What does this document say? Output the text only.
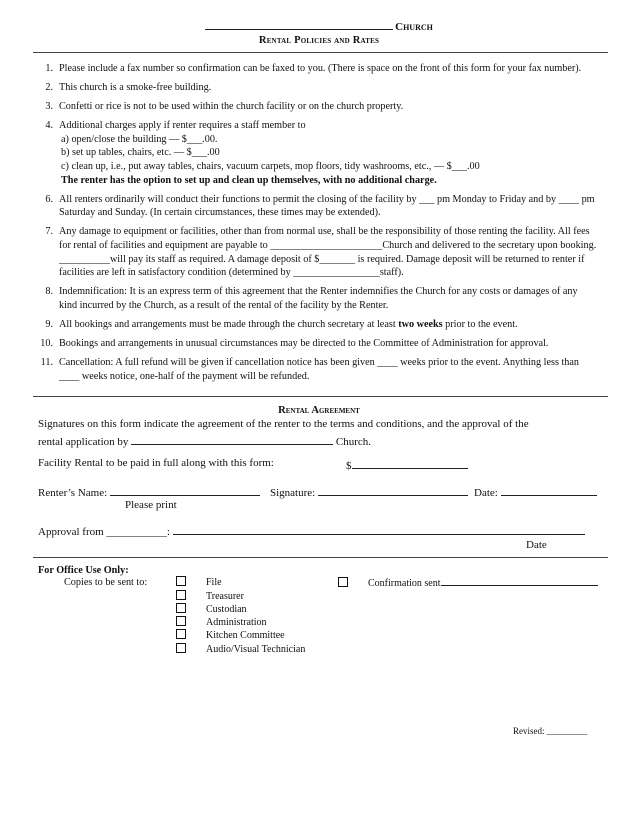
Church
Rental Policies and Rates
1. Please include a fax number so confirmation can be faxed to you. (There is space on the front of this form for your fax number).
2. This church is a smoke-free building.
3. Confetti or rice is not to be used within the church facility or on the church property.
4. Additional charges apply if renter requires a staff member to
a) open/close the building — $___.00.
b) set up tables, chairs, etc. — $___.00
c) clean up, i.e., put away tables, chairs, vacuum carpets, mop floors, tidy washrooms, etc., — $___.00
The renter has the option to set up and clean up themselves, with no additional charge.
6. All renters ordinarily will conduct their functions to permit the closing of the facility by ___ pm Monday to Friday and by ____ pm Saturday and Sunday. (In certain circumstances, these times may be extended).
7. Any damage to equipment or facilities, other than from normal use, shall be the responsibility of those renting the facility. All fees for rental of facilities and equipment are payable to ______________________Church and delivered to the secretary upon booking. __________will pay its staff as required. A damage deposit of $_______ is required. Damage deposit will be returned to renter if facilities are left in satisfactory condition (determined by _________________staff).
8. Indemnification: It is an express term of this agreement that the Renter indemnifies the Church for any costs or damages of any kind incurred by the Church, as a result of the rental of the facility by the Renter.
9. All bookings and arrangements must be made through the church secretary at least two weeks prior to the event.
10. Bookings and arrangements in unusual circumstances may be directed to the Committee of Administration for approval.
11. Cancellation: A full refund will be given if cancellation notice has been given ____ weeks prior to the event. Anything less than ____ weeks notice, one-half of the payment will be refunded.
Rental Agreement
Signatures on this form indicate the agreement of the renter to the terms and conditions, and the approval of the
rental application by	Church.
Facility Rental to be paid in full along with this form:	$
Renter’s Name:	Signature:	Date:
Please print
Approval from ___________:
Date
For Office Use Only:
Copies to be sent to:	File
Treasurer
Custodian
Administration
Kitchen Committee
Audio/Visual Technician
Confirmation sent
Revised: _________
